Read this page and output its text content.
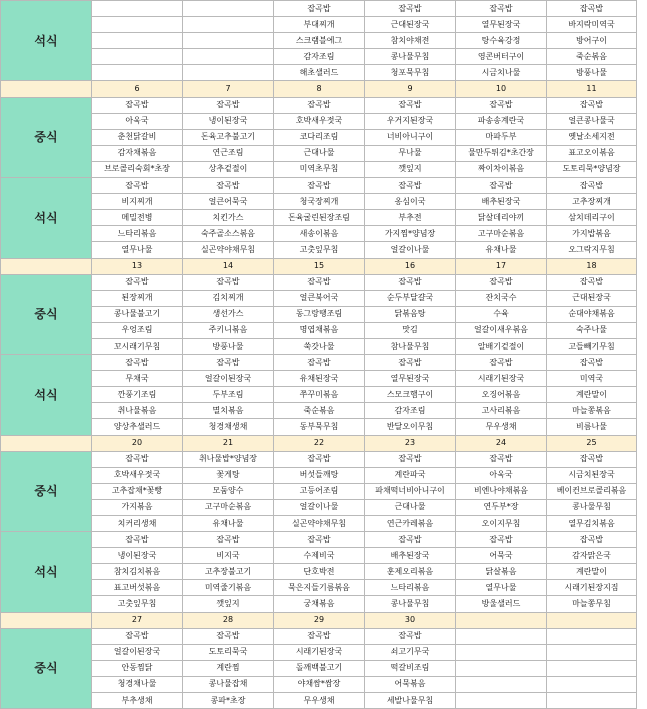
석식			잡곡밥	잡곡밥	잡곡밥	잡곡밥
			부대찌개	근대된장국	열무된장국	바지락미역국
			스크램블에그	참치야채전	탕수육강정	방어구이
			감자조림	콩나물무침	영콘버터구이	죽순볶음
			해초샐러드	청포묵무침	시금치나물	방풍나물
	6	7	8	9	10	11
중식	잡곡밥	잡곡밥	잡곡밥	잡곡밥	잡곡밥	잡곡밥
	아욱국	냉이된장국	호박새우젓국	우거지된장국	파송송계란국	얼큰콩나물국
	춘천닭갈비	돈육고추불고기	코다리조림	너비아니구이	마파두부	옛날소세지전
	감자채볶음	연근조림	근대나물	무나물	물만두튀김*초간장	표고오이볶음
	브로콜리숙회*초장	상추겉절이	미역초무침	깻잎지	짜이차이볶음	도토리묵*양념장
석식	잡곡밥	잡곡밥	잡곡밥	잡곡밥	잡곡밥	잡곡밥
	비지찌개	얼큰어묵국	청국장찌개	옹심이국	배추된장국	고추장찌개
	메밀전병	치킨가스	돈육굴린된장조림	부추전	닭살데리야끼	삼치데리구이
	느타리볶음	숙주골소스볶음	새송이볶음	가지찜*양념장	고구마순볶음	가지밥볶음
	열무나물	실곤약야채무침	고춧잎무침	얼갈이나물	유채나물	오그락지무침
	13	14	15	16	17	18
중식	잡곡밥	잡곡밥	잡곡밥	잡곡밥	잡곡밥	잡곡밥
	된장찌개	김치찌개	얼큰북어국	순두부달걀국	잔치국수	근대된장국
	콩나물불고기	생선가스	동그랑땡조림	닭볶음탕	수육	순대야채볶음
	우엉조림	주키니볶음	명엽채볶음	맛김	얼갈이새우볶음	숙주나물
	꼬시래기무침	방풍나물	쑥갓나물	참나물무침	알배기겉절이	고들빼기무침
석식	잡곡밥	잡곡밥	잡곡밥	잡곡밥	잡곡밥	잡곡밥
	무채국	얼갈이된장국	유채된장국	열무된장국	시래기된장국	미역국
	깐풍기조림	두부조림	쭈꾸미볶음	스모크햄구이	오징어볶음	계란말이
	취나물볶음	멸치볶음	죽순볶음	감자조림	고사리볶음	마늘쫑볶음
	양상추샐러드	청경채생채	동부묵무침	반달오이무침	무우생채	비름나물
	20	21	22	23	24	25
중식	잡곡밥	취나물밥*양념장	잡곡밥	잡곡밥	잡곡밥	잡곡밥
	호박새우젓국	꽃게탕	버섯들깨탕	계란파국	아욱국	시금치된장국
	고추잡채*꽃빵	모둠양수	고등어조림	파채떡너비아니구이	비엔나야채볶음	베이컨브로콜리볶음
	가지볶음	고구마순볶음	얼갈이나물	근대나물	연두부*장	콩나물무침
	치커리생채	유채나물	실곤약야채무침	연근카레볶음	오이지무침	열무김치볶음
석식	잡곡밥	잡곡밥	잡곡밥	잡곡밥	잡곡밥	잡곡밥
	냉이된장국	비지국	수제비국	배추된장국	어묵국	감자맑은국
	참치김치볶음	고추장불고기	단호박전	훈제오리볶음	닭살볶음	계란말이
	표고버섯볶음	미역줄기볶음	묵은지들기름볶음	느타리볶음	열무나물	시래기된장지짐
	고춧잎무침	깻잎지	궁채볶음	콩나물무침	방울샐러드	마늘쫑무침
	27	28	29	30		
중식	잡곡밥	잡곡밥	잡곡밥	잡곡밥		
	얼갈이된장국	도토리묵국	시래기된장국	쇠고기무국		
	안동찜닭	계란찜	돌깨백불고기	떡갈비조림		
	청경채나물	콩나물잡채	야채쌈*쌈장	어묵볶음		
	부추생채	콩파*초장	무우생채	세발나물무침		
